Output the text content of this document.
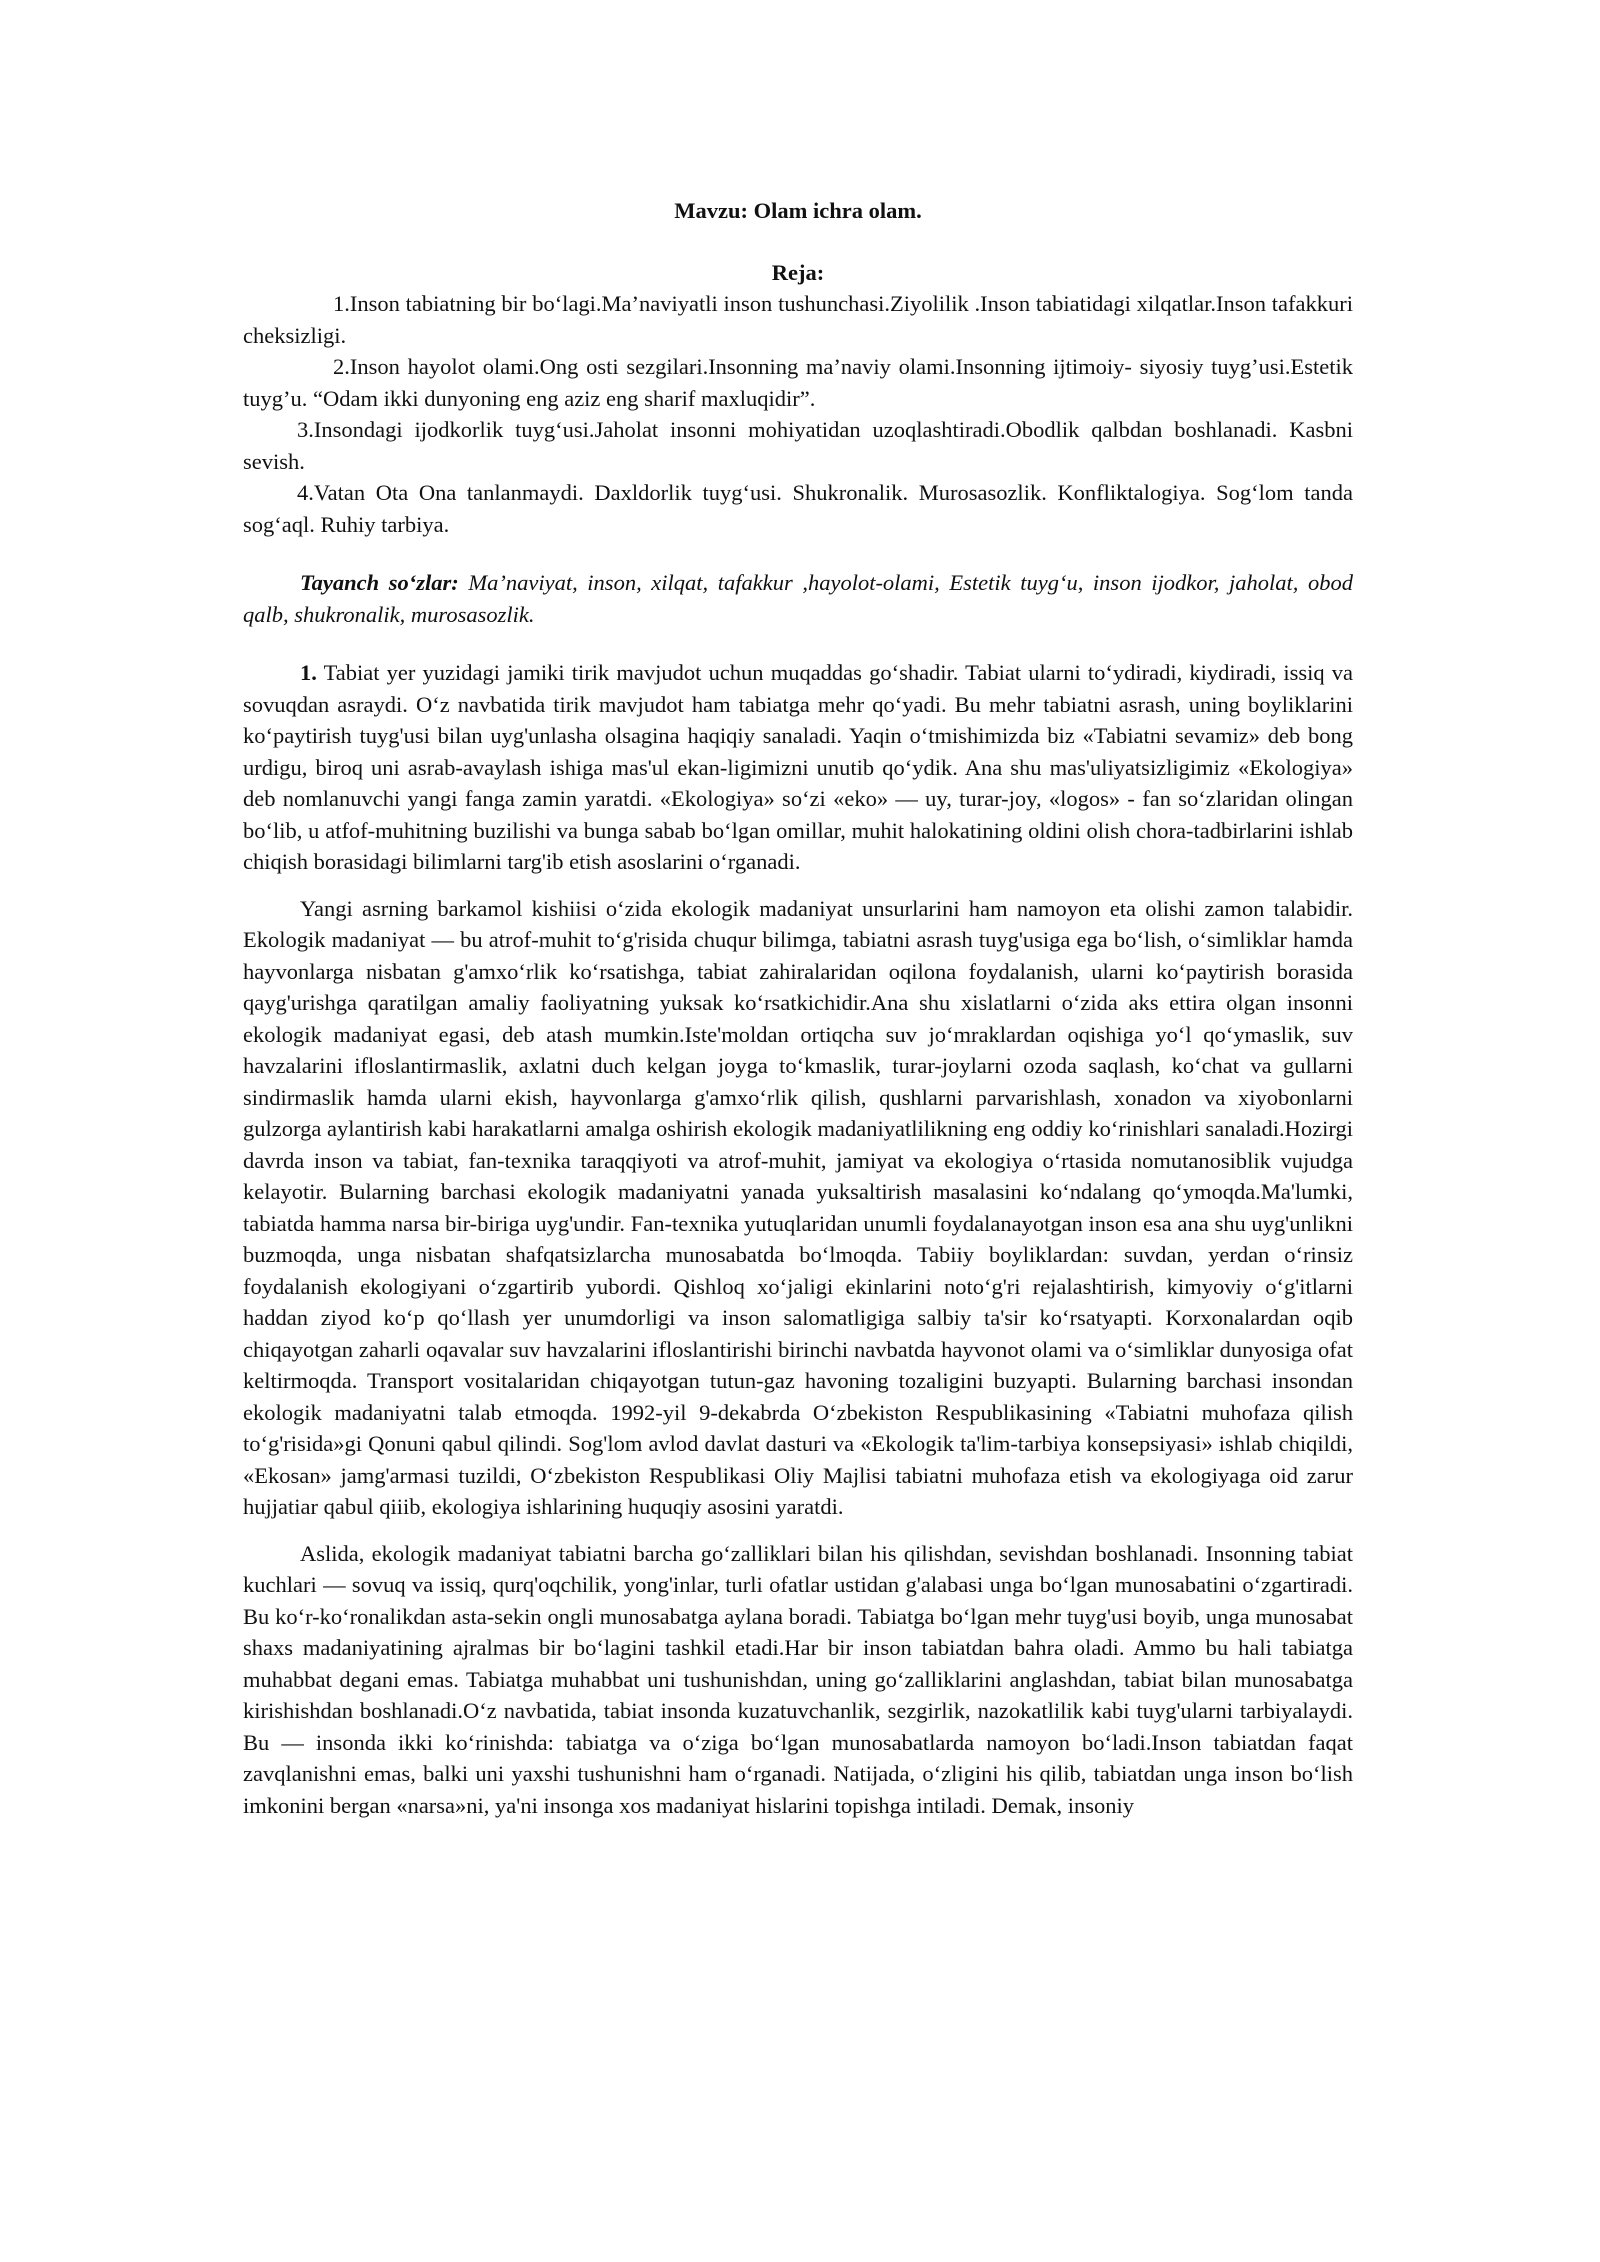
Mavzu: Olam ichra olam.

Reja:

1.Inson tabiatning bir bo‘lagi.Ma’naviyatli inson tushunchasi.Ziyolilik .Inson tabiatidagi xilqatlar.Inson tafakkuri cheksizligi.

2.Inson hayolot olami.Ong osti sezgilari.Insonning ma’naviy olami.Insonning ijtimoiy- siyosiy tuyg’usi.Estetik tuyg’u. “Odam ikki dunyoning eng aziz eng sharif maxluqidir”.

3.Insondagi ijodkorlik tuyg‘usi.Jaholat insonni mohiyatidan uzoqlashtiradi.Obodlik qalbdan boshlanadi. Kasbni sevish.

4.Vatan Ota Ona tanlanmaydi. Daxldorlik tuyg‘usi. Shukronalik. Murosasozlik. Konfliktalogiya. Sog‘lom tanda sog‘aql. Ruhiy tarbiya.

Tayanch so‘zlar: Ma’naviyat, inson, xilqat, tafakkur ,hayolot-olami, Estetik tuyg‘u, inson ijodkor, jaholat, obod qalb, shukronalik, murosasozlik.

1. Tabiat yer yuzidagi jamiki tirik mavjudot uchun muqaddas go‘shadir. Tabiat ularni to‘ydiradi, kiydiradi, issiq va sovuqdan asraydi. O‘z navbatida tirik mavjudot ham tabiatga mehr qo‘yadi. Bu mehr tabiatni asrash, uning boyliklarini ko‘paytirish tuyg'usi bilan uyg'unlasha olsagina haqiqiy sanaladi. Yaqin o‘tmishimizda biz «Tabiatni sevamiz» deb bong urdigu, biroq uni asrab-avaylash ishiga mas'ul ekan-ligimizni unutib qo‘ydik. Ana shu mas'uliyatsizligimiz «Ekologiya» deb nomlanuvchi yangi fanga zamin yaratdi. «Ekologiya» so‘zi «eko» — uy, turar-joy, «logos» - fan so‘zlaridan olingan bo‘lib, u atfof-muhitning buzilishi va bunga sabab bo‘lgan omillar, muhit halokatining oldini olish chora-tadbirlarini ishlab chiqish borasidagi bilimlarni targ'ib etish asoslarini o‘rganadi.

Yangi asrning barkamol kishiisi o‘zida ekologik madaniyat unsurlarini ham namoyon eta olishi zamon talabidir. Ekologik madaniyat — bu atrof-muhit to‘g'risida chuqur bilimga, tabiatni asrash tuyg'usiga ega bo‘lish, o‘simliklar hamda hayvonlarga nisbatan g'amxo‘rlik ko‘rsatishga, tabiat zahiralaridan oqilona foydalanish, ularni ko‘paytirish borasida qayg'urishga qaratilgan amaliy faoliyatning yuksak ko‘rsatkichidir.Ana shu xislatlarni o‘zida aks ettira olgan insonni ekologik madaniyat egasi, deb atash mumkin.Iste'moldan ortiqcha suv jo‘mraklardan oqishiga yo‘l qo‘ymaslik, suv havzalarini ifloslantirmaslik, axlatni duch kelgan joyga to‘kmaslik, turar-joylarni ozoda saqlash, ko‘chat va gullarni sindirmaslik hamda ularni ekish, hayvonlarga g'amxo‘rlik qilish, qushlarni parvarishlash, xonadon va xiyobonlarni gulzorga aylantirish kabi harakatlarni amalga oshirish ekologik madaniyatlilikning eng oddiy ko‘rinishlari sanaladi.Hozirgi davrda inson va tabiat, fan-texnika taraqqiyoti va atrof-muhit, jamiyat va ekologiya o‘rtasida nomutanosiblik vujudga kelayotir. Bularning barchasi ekologik madaniyatni yanada yuksaltirish masalasini ko‘ndalang qo‘ymoqda.Ma'lumki, tabiatda hamma narsa bir-biriga uyg'undir. Fan-texnika yutuqlaridan unumli foydalanayotgan inson esa ana shu uyg'unlikni buzmoqda, unga nisbatan shafqatsizlarcha munosabatda bo‘lmoqda. Tabiiy boyliklardan: suvdan, yerdan o‘rinsiz foydalanish ekologiyani o‘zgartirib yubordi. Qishloq xo‘jaligi ekinlarini noto‘g'ri rejalashtirish, kimyoviy o‘g'itlarni haddan ziyod ko‘p qo‘llash yer unumdorligi va inson salomatligiga salbiy ta'sir ko‘rsatyapti. Korxonalardan oqib chiqayotgan zaharli oqavalar suv havzalarini ifloslantirishi birinchi navbatda hayvonot olami va o‘simliklar dunyosiga ofat keltirmoqda. Transport vositalaridan chiqayotgan tutun-gaz havoning tozaligini buzyapti. Bularning barchasi insondan ekologik madaniyatni talab etmoqda. 1992-yil 9-dekabrda O‘zbekiston Respublikasining «Tabiatni muhofaza qilish to‘g'risida»gi Qonuni qabul qilindi. Sog'lom avlod davlat dasturi va «Ekologik ta'lim-tarbiya konsepsiyasi» ishlab chiqildi, «Ekosan» jamg'armasi tuzildi, O‘zbekiston Respublikasi Oliy Majlisi tabiatni muhofaza etish va ekologiyaga oid zarur hujjatiar qabul qiiib, ekologiya ishlarining huquqiy asosini yaratdi.

Aslida, ekologik madaniyat tabiatni barcha go‘zalliklari bilan his qilishdan, sevishdan boshlanadi. Insonning tabiat kuchlari — sovuq va issiq, qurq'oqchilik, yong'inlar, turli ofatlar ustidan g'alabasi unga bo‘lgan munosabatini o‘zgartiradi. Bu ko‘r-ko‘ronalikdan asta-sekin ongli munosabatga aylana boradi. Tabiatga bo‘lgan mehr tuyg'usi boyib, unga munosabat shaxs madaniyatining ajralmas bir bo‘lagini tashkil etadi.Har bir inson tabiatdan bahra oladi. Ammo bu hali tabiatga muhabbat degani emas. Tabiatga muhabbat uni tushunishdan, uning go‘zalliklarini anglashdan, tabiat bilan munosabatga kirishishdan boshlanadi.O‘z navbatida, tabiat insonda kuzatuvchanlik, sezgirlik, nazokatlilik kabi tuyg'ularni tarbiyalaydi. Bu — insonda ikki ko‘rinishda: tabiatga va o‘ziga bo‘lgan munosabatlarda namoyon bo‘ladi.Inson tabiatdan faqat zavqlanishni emas, balki uni yaxshi tushunishni ham o‘rganadi. Natijada, o‘zligini his qilib, tabiatdan unga inson bo‘lish imkonini bergan «narsa»ni, ya'ni insonga xos madaniyat hislarini topishga intiladi. Demak, insoniy
